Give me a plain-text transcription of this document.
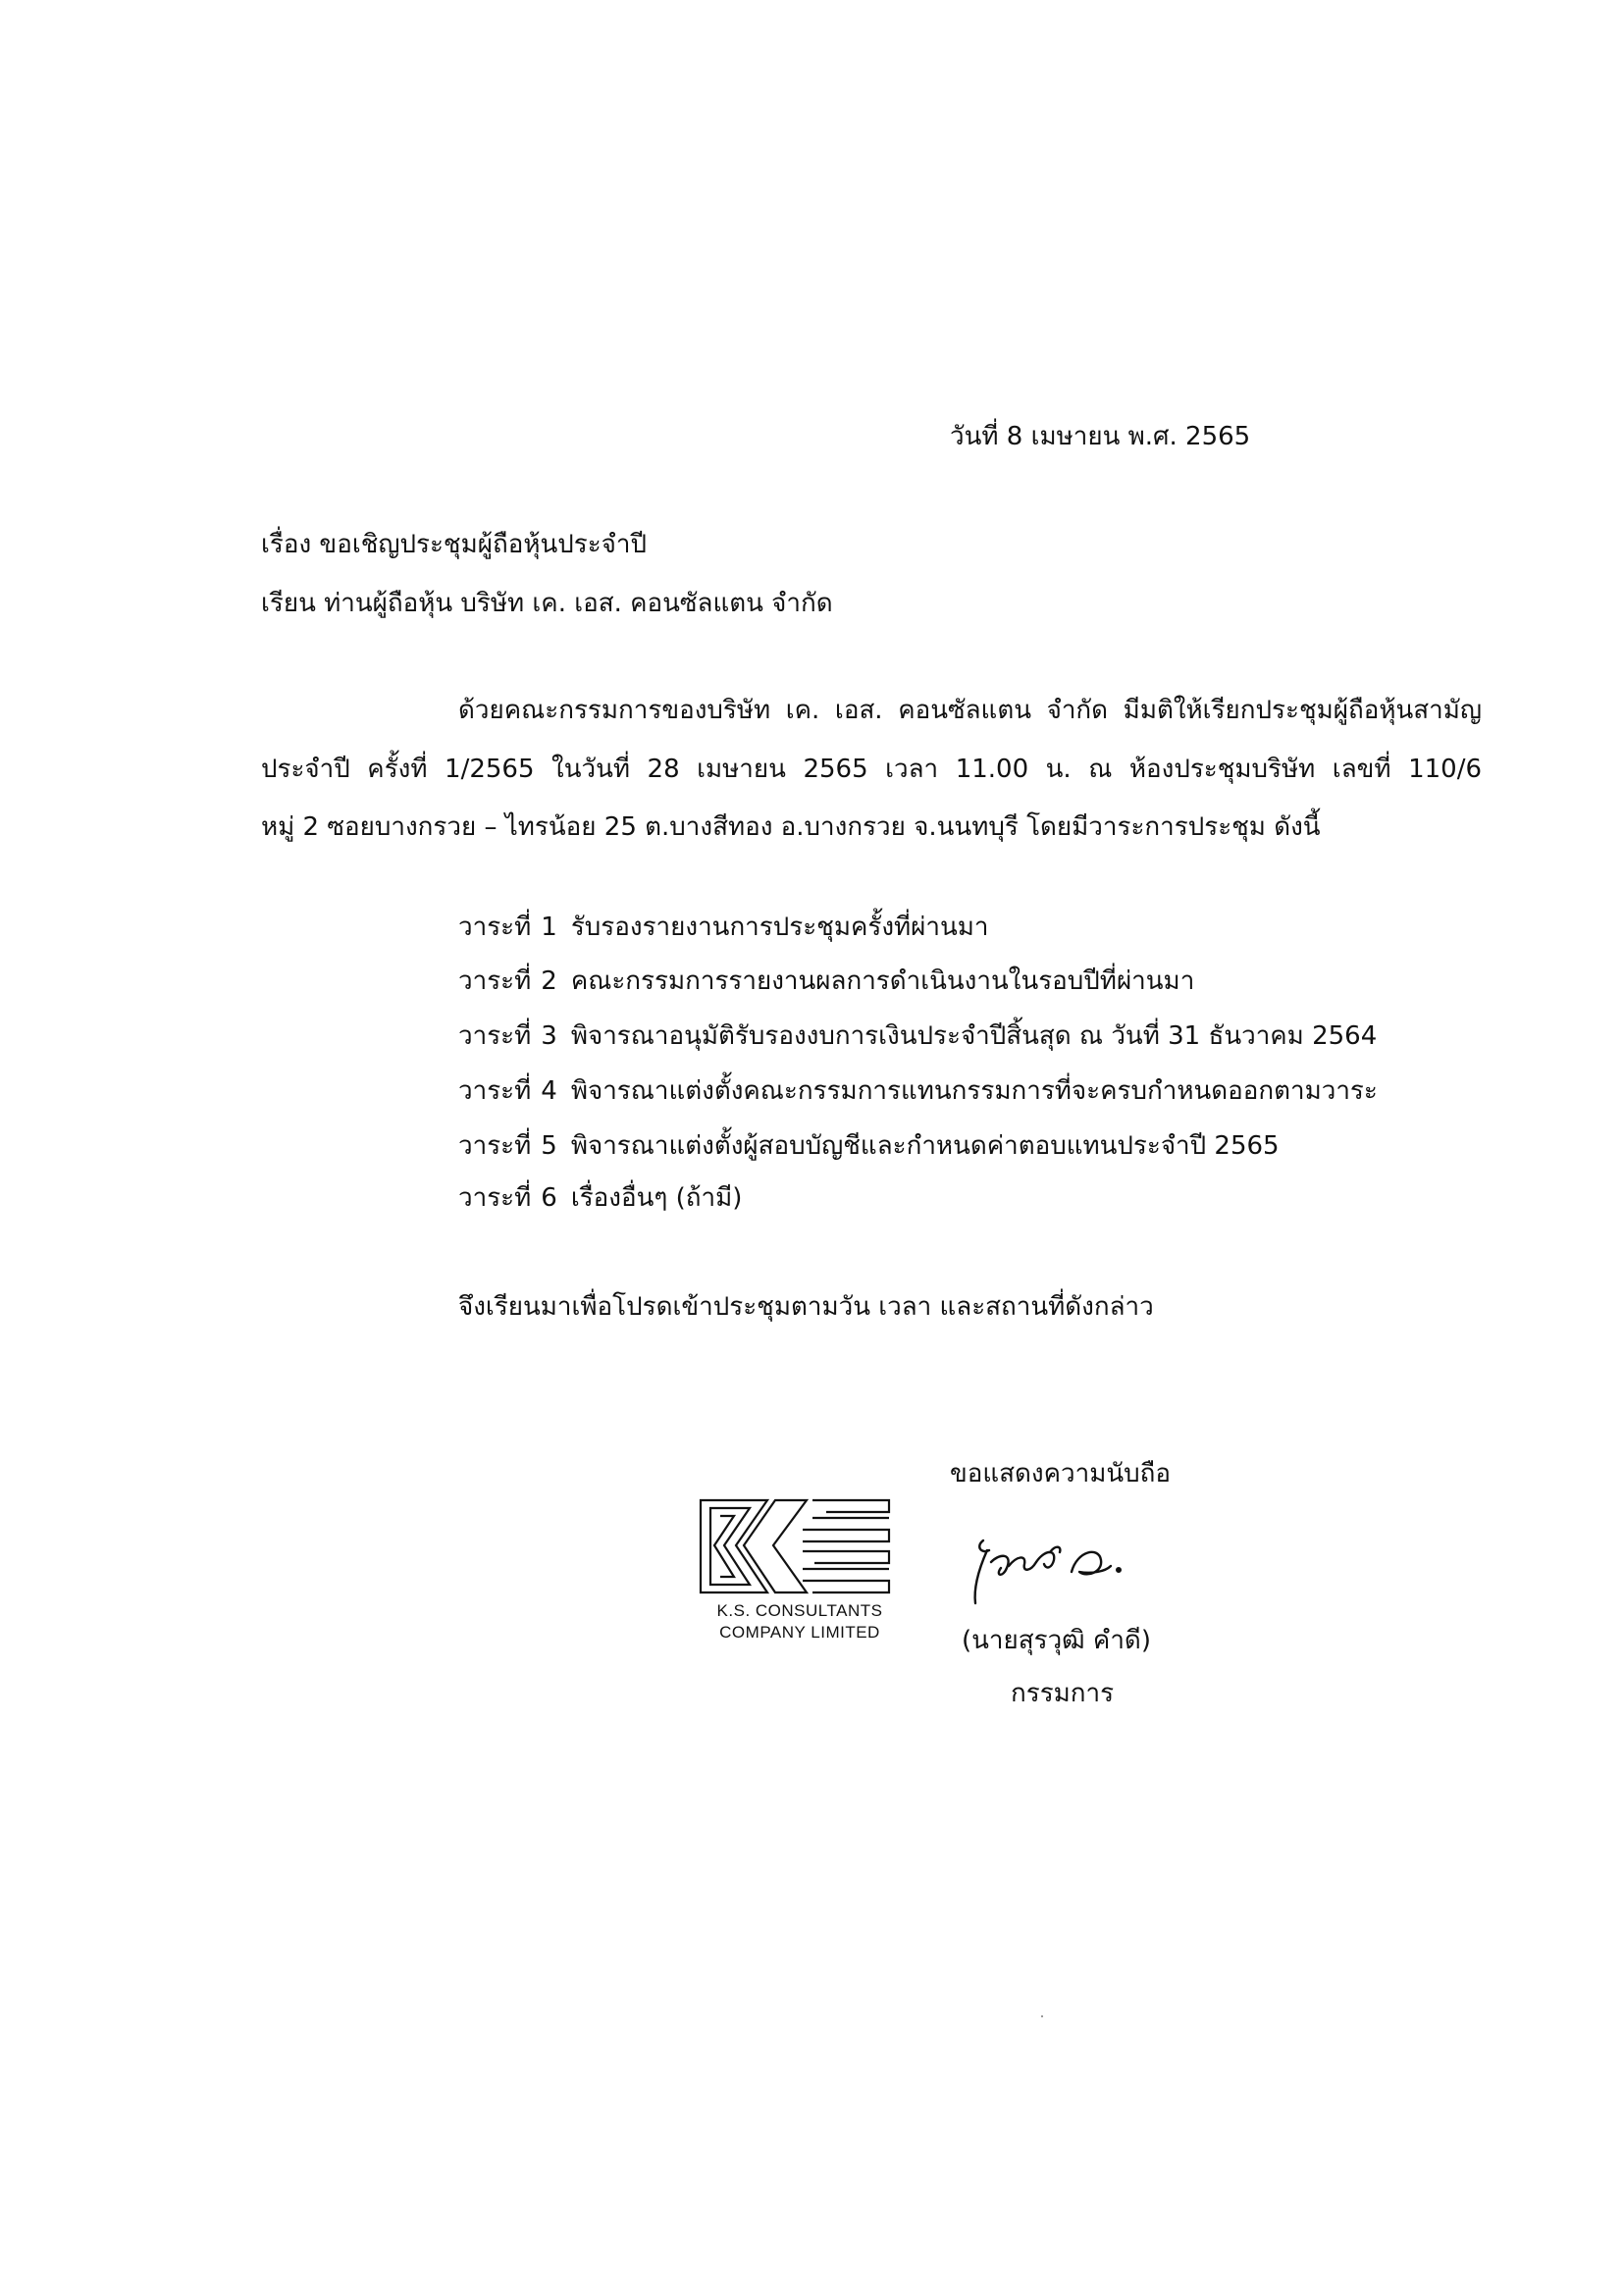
วันที่ 8 เมษายน พ.ศ. 2565

เรื่อง ขอเชิญประชุมผู้ถือหุ้นประจำปี

เรียน ท่านผู้ถือหุ้น บริษัท เค. เอส. คอนซัลแตน จำกัด

ด้วยคณะกรรมการของบริษัท เค. เอส. คอนซัลแตน จำกัด มีมติให้เรียกประชุมผู้ถือหุ้นสามัญ

ประจำปี ครั้งที่ 1/2565 ในวันที่ 28 เมษายน 2565 เวลา 11.00 น. ณ ห้องประชุมบริษัท เลขที่ 110/6

หมู่ 2 ซอยบางกรวย – ไทรน้อย 25 ต.บางสีทอง อ.บางกรวย จ.นนทบุรี โดยมีวาระการประชุม ดังนี้

วาระที่ 1 รับรองรายงานการประชุมครั้งที่ผ่านมา
วาระที่ 2 คณะกรรมการรายงานผลการดำเนินงานในรอบปีที่ผ่านมา
วาระที่ 3 พิจารณาอนุมัติรับรองงบการเงินประจำปีสิ้นสุด ณ วันที่ 31 ธันวาคม 2564
วาระที่ 4 พิจารณาแต่งตั้งคณะกรรมการแทนกรรมการที่จะครบกำหนดออกตามวาระ
วาระที่ 5 พิจารณาแต่งตั้งผู้สอบบัญชีและกำหนดค่าตอบแทนประจำปี 2565
วาระที่ 6 เรื่องอื่นๆ (ถ้ามี)

จึงเรียนมาเพื่อโปรดเข้าประชุมตามวัน เวลา และสถานที่ดังกล่าว

ขอแสดงความนับถือ

K.S. CONSULTANTS
COMPANY LIMITED	(นายสุรวุฒิ คำดี)

กรรมการ
